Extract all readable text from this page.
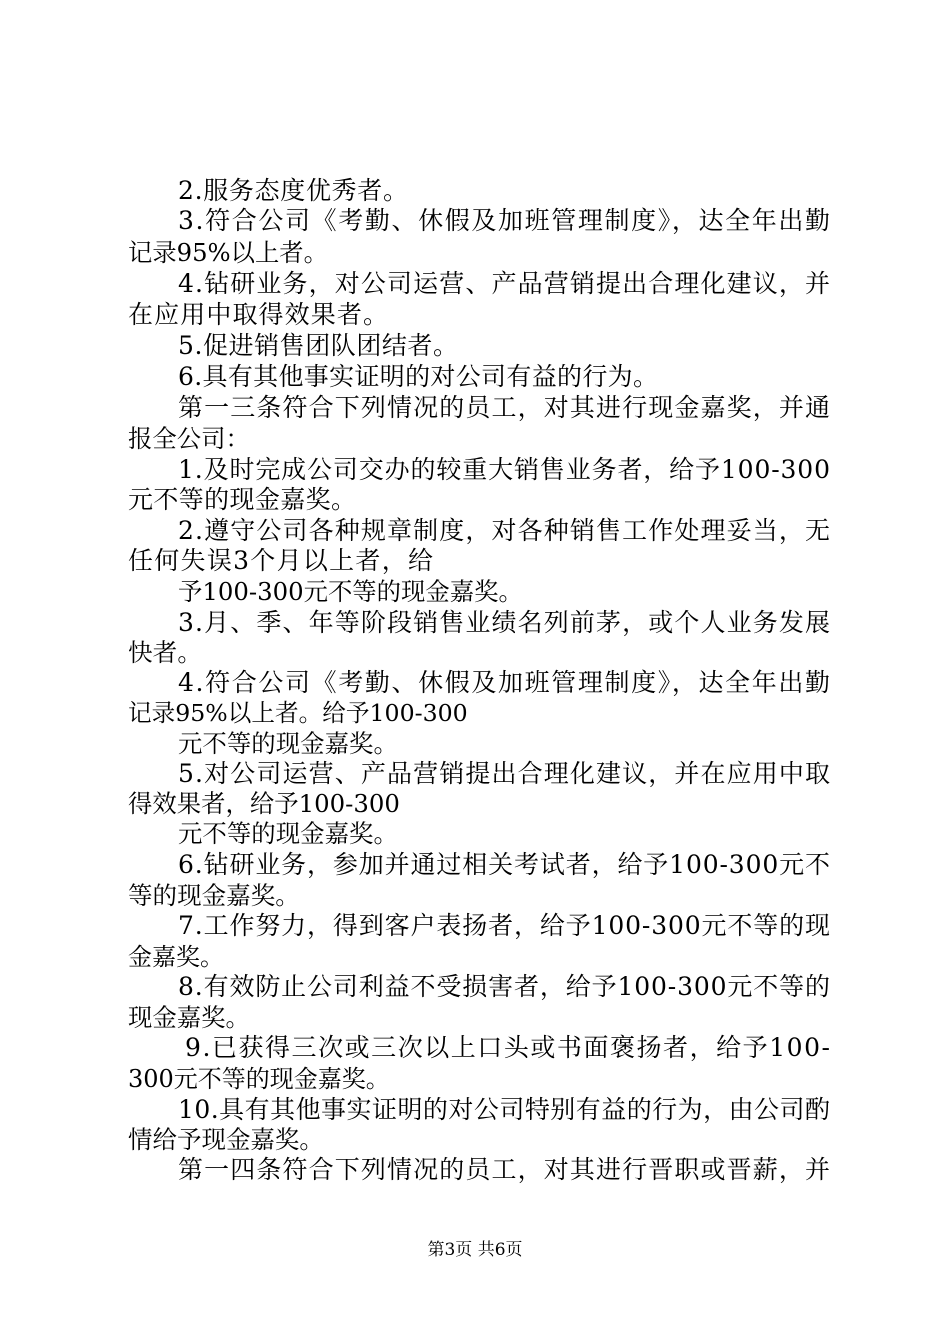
2.服务态度优秀者。
3.符合公司《考勤、休假及加班管理制度》，达全年出勤
记录95%以上者。
4.钻研业务，对公司运营、产品营销提出合理化建议，并
在应用中取得效果者。
5.促进销售团队团结者。
6.具有其他事实证明的对公司有益的行为。
第一三条符合下列情况的员工，对其进行现金嘉奖，并通
报全公司：
1.及时完成公司交办的较重大销售业务者，给予100-300
元不等的现金嘉奖。
2.遵守公司各种规章制度，对各种销售工作处理妥当，无
任何失误3个月以上者，给
予100-300元不等的现金嘉奖。
3.月、季、年等阶段销售业绩名列前茅，或个人业务发展
快者。
4.符合公司《考勤、休假及加班管理制度》，达全年出勤
记录95%以上者。给予100-300
元不等的现金嘉奖。
5.对公司运营、产品营销提出合理化建议，并在应用中取
得效果者，给予100-300
元不等的现金嘉奖。
6.钻研业务，参加并通过相关考试者，给予100-300元不
等的现金嘉奖。
7.工作努力，得到客户表扬者，给予100-300元不等的现
金嘉奖。
8.有效防止公司利益不受损害者，给予100-300元不等的
现金嘉奖。
9.已获得三次或三次以上口头或书面褒扬者，给予100-
300元不等的现金嘉奖。
10.具有其他事实证明的对公司特别有益的行为，由公司酌
情给予现金嘉奖。
第一四条符合下列情况的员工，对其进行晋职或晋薪，并
第3页 共6页
